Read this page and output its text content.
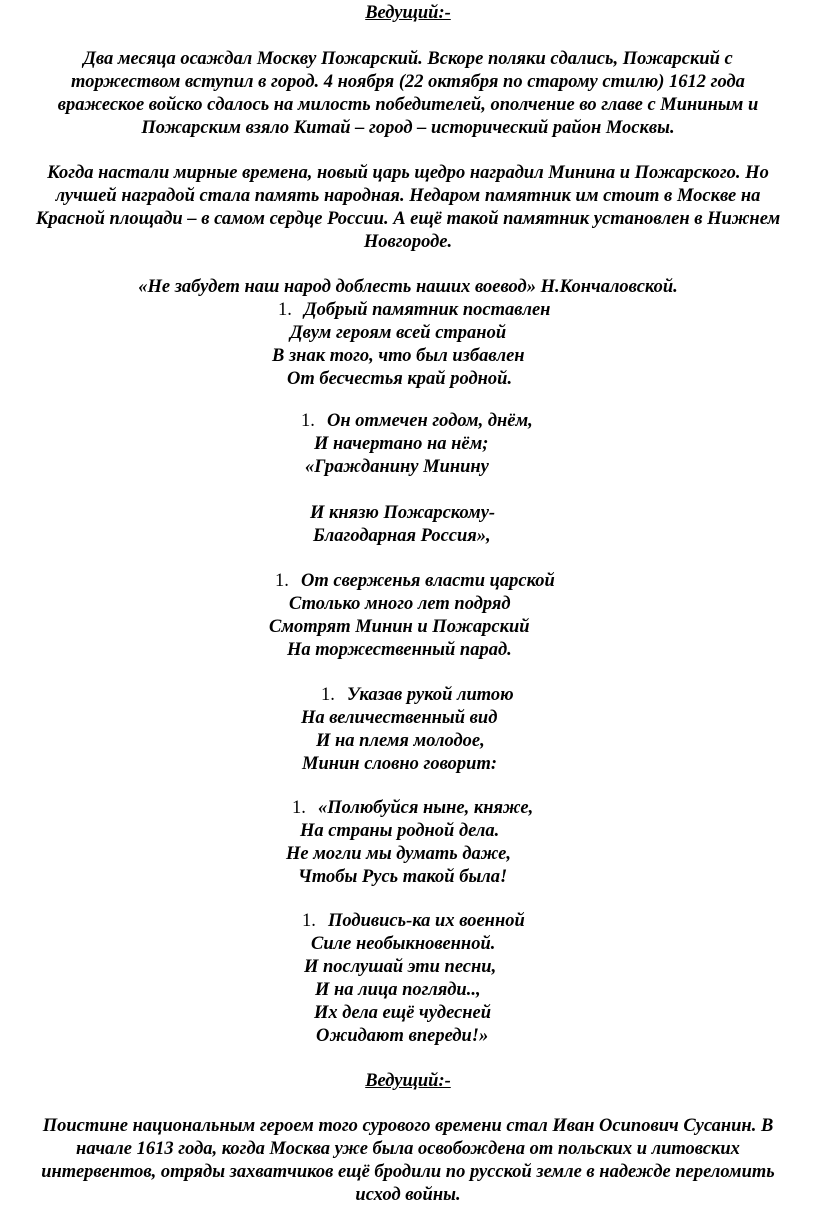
Ведущий:-
Два месяца осаждал Москву Пожарский. Вскоре поляки сдались, Пожарский с
торжеством вступил в город. 4 ноября (22 октября по старому стилю) 1612 года
вражеское войско сдалось на милость победителей, ополчение во главе с Мининым и
Пожарским взяло Китай – город – исторический район Москвы.
Когда настали мирные времена, новый царь щедро наградил Минина и Пожарского. Но
лучшей наградой стала память народная. Недаром памятник им стоит в Москве на
Красной площади – в самом сердце России. А ещё такой памятник установлен в Нижнем
Новгороде.
«Не забудет наш народ доблесть наших воевод» Н.Кончаловской.
1. Добрый памятник поставлен
Двум героям всей страной
В знак того, что был избавлен
От бесчестья край родной.
1. Он отмечен годом, днём,
И начертано на нём;
«Гражданину Минину
И князю Пожарскому-
Благодарная Россия»,
1. От сверженья власти царской
Столько много лет подряд
Смотрят Минин и Пожарский
На торжественный парад.
1. Указав рукой литою
На величественный вид
И на племя молодое,
Минин словно говорит:
1. «Полюбуйся ныне, княже,
На страны родной дела.
Не могли мы думать даже,
Чтобы Русь такой была!
1. Подивись-ка их военной
Силе необыкновенной.
И послушай эти песни,
И на лица погляди..,
Их дела ещё чудесней
Ожидают впереди!»
Ведущий:-
Поистине национальным героем того сурового времени стал Иван Осипович Сусанин. В
начале 1613 года, когда Москва уже была освобождена от польских и литовских
интервентов, отряды захватчиков ещё бродили по русской земле в надежде переломить
исход войны.
